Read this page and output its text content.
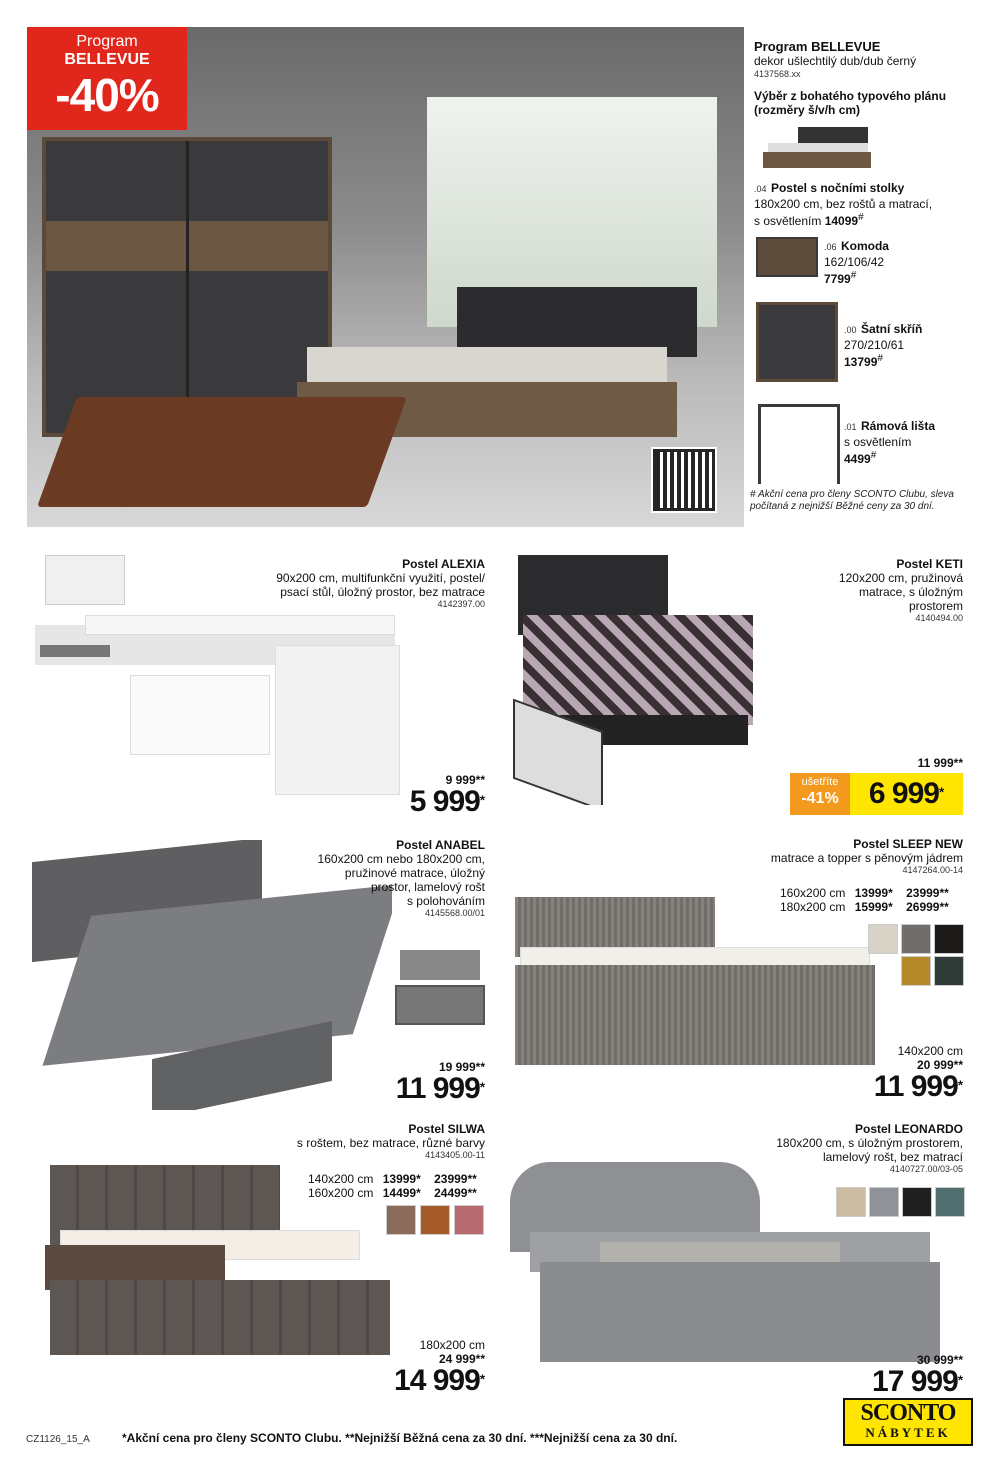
Program
BELLEVUE
-40%
Program BELLEVUE
dekor ušlechtilý dub/dub černý
4137568.xx
Výběr z bohatého typového plánu
(rozměry š/v/h cm)
.04 Postel s nočními stolky
180x200 cm, bez roštů a matrací,
s osvětlením 14099#
.06 Komoda
162/106/42
7799#
.00 Šatní skříň
270/210/61
13799#
.01 Rámová lišta
s osvětlením
4499#
# Akční cena pro členy SCONTO Clubu, sleva
počítaná z nejnižší Běžné ceny za 30 dní.
Postel ALEXIA
90x200 cm, multifunkční využití, postel/
psací stůl, úložný prostor, bez matrace
4142397.00
9 999**
5 999*
Postel KETI
120x200 cm, pružinová
matrace, s úložným
prostorem
4140494.00
11 999**
ušetříte
-41%	6 999*
Postel ANABEL
160x200 cm nebo 180x200 cm,
pružinové matrace, úložný
prostor, lamelový rošt
s polohováním
4145568.00/01
19 999**
11 999*
Postel SLEEP NEW
matrace a topper s pěnovým jádrem
4147264.00-14
160x200 cm 13999* 23999**
180x200 cm 15999* 26999**
140x200 cm
20 999**
11 999*
Postel SILWA
s roštem, bez matrace, různé barvy
4143405.00-11
140x200 cm 13999* 23999**
160x200 cm 14499* 24499**
180x200 cm
24 999**
14 999*
Postel LEONARDO
180x200 cm, s úložným prostorem,
lamelový rošt, bez matrací
4140727.00/03-05
30 999**
17 999*
CZ1126_15_A	*Akční cena pro členy SCONTO Clubu. **Nejnižší Běžná cena za 30 dní. ***Nejnižší cena za 30 dní.
SCONTO
NÁBYTEK
